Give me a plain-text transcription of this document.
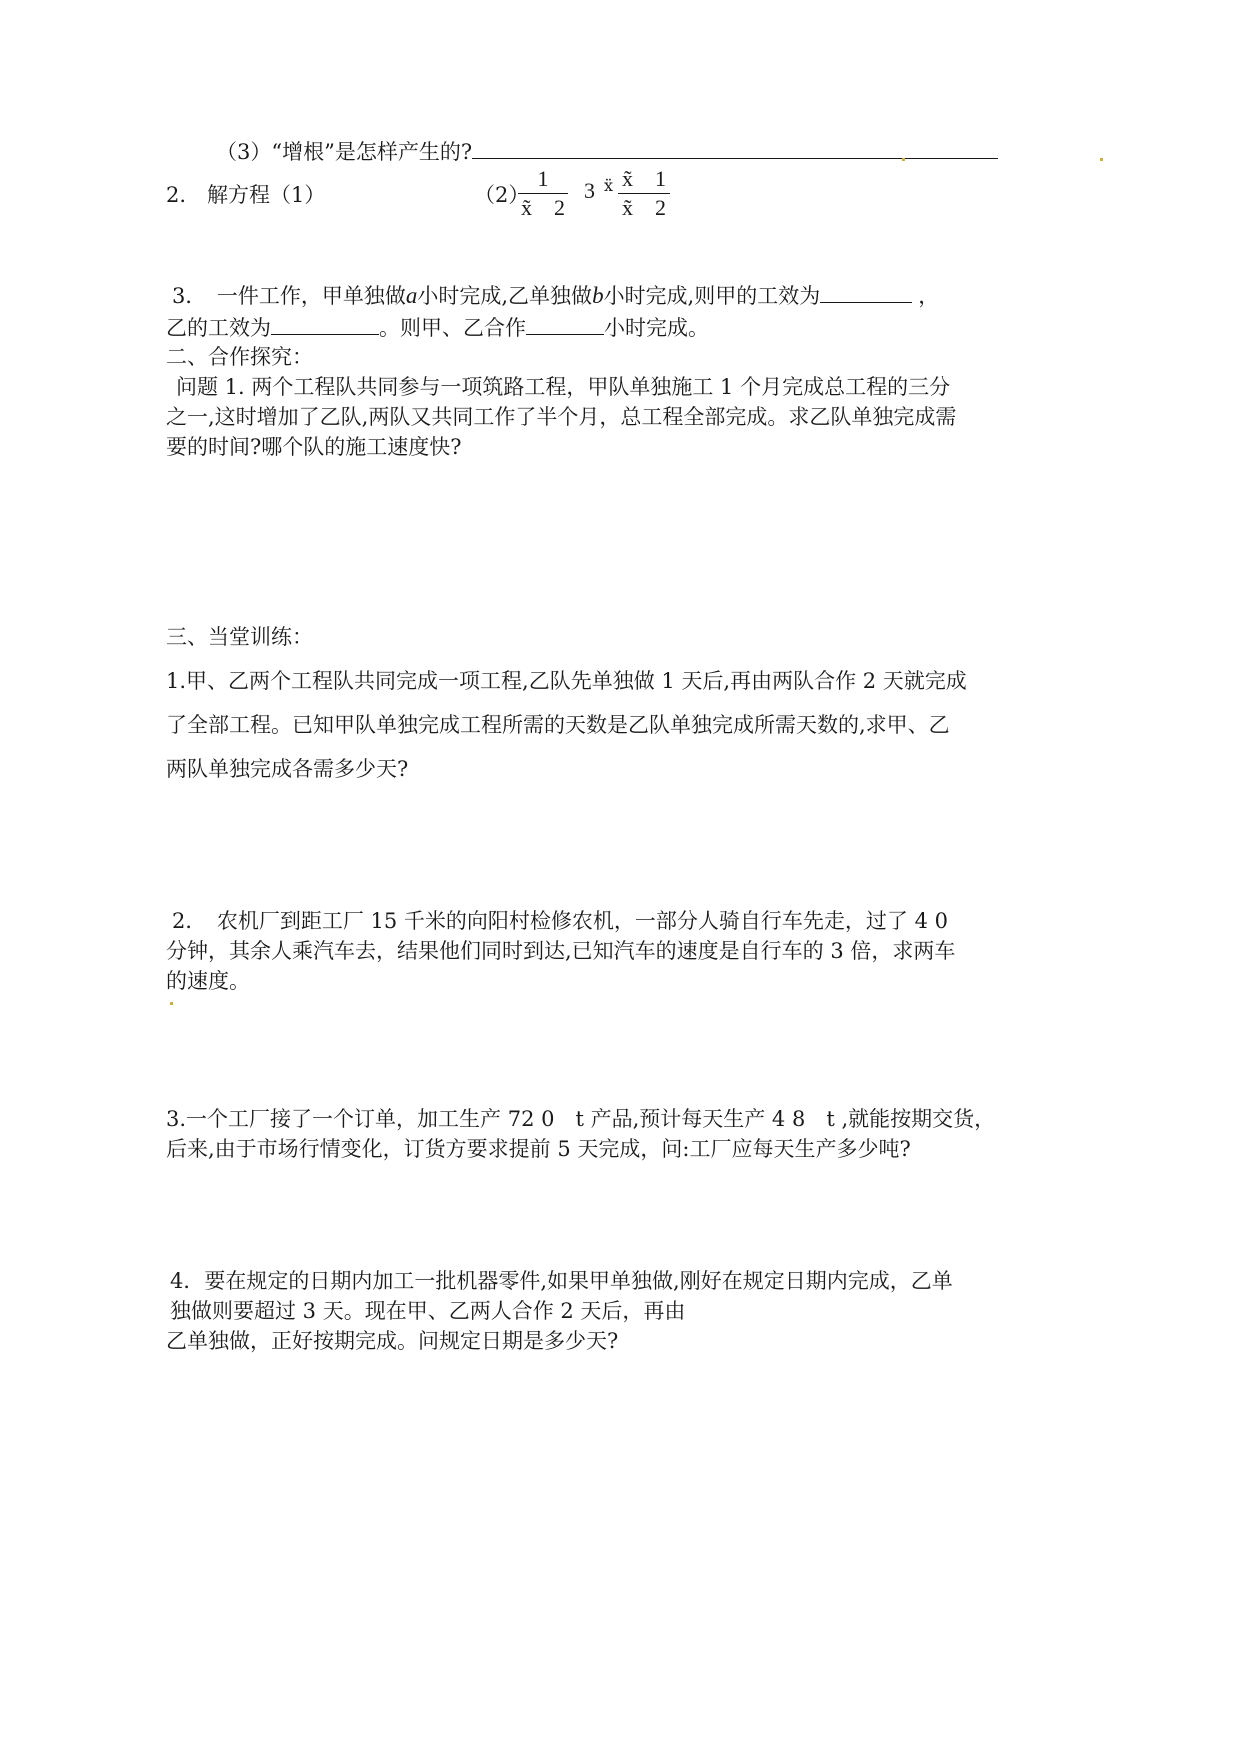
（3）“增根”是怎样产生的?
2.　解方程（1）	（2）
1
x̃　2
3 ẍ x̃　1
x̃　2
3．　一件工作，甲单独做a小时完成,乙单独做b小时完成,则甲的工效为	，
乙的工效为	。则甲、乙合作	小时完成。
二、合作探究：
问题 1. 两个工程队共同参与一项筑路工程，甲队单独施工 1 个月完成总工程的三分
之一,这时增加了乙队,两队又共同工作了半个月，总工程全部完成。求乙队单独完成需
要的时间?哪个队的施工速度快?
三、当堂训练：
1.甲、乙两个工程队共同完成一项工程,乙队先单独做 1 天后,再由两队合作 2 天就完成
了全部工程。已知甲队单独完成工程所需的天数是乙队单独完成所需天数的,求甲、乙
两队单独完成各需多少天?
2．　农机厂到距工厂 15 千米的向阳村检修农机，一部分人骑自行车先走，过了 4 0
分钟，其余人乘汽车去，结果他们同时到达,已知汽车的速度是自行车的 3 倍，求两车
的速度。
3.一个工厂接了一个订单，加工生产 72 0　t 产品,预计每天生产 4 8　t ,就能按期交货，
后来,由于市场行情变化，订货方要求提前 5 天完成，问:工厂应每天生产多少吨?
4．要在规定的日期内加工一批机器零件,如果甲单独做,刚好在规定日期内完成，乙单
独做则要超过 3 天。现在甲、乙两人合作 2 天后，再由
乙单独做，正好按期完成。问规定日期是多少天?
